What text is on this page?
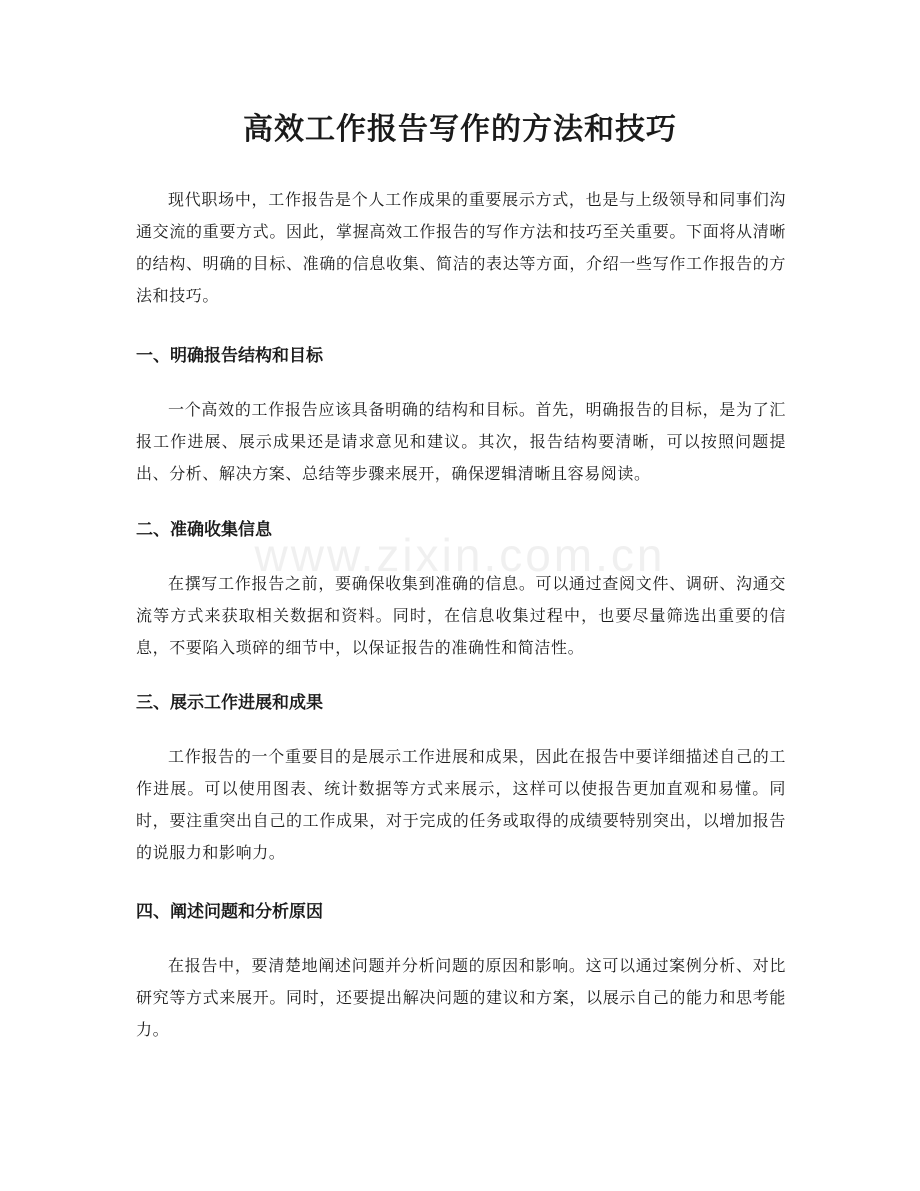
www.zixin.com.cn
高效工作报告写作的方法和技巧

现代职场中，工作报告是个人工作成果的重要展示方式，也是与上级领导和同事们沟通交流的重要方式。因此，掌握高效工作报告的写作方法和技巧至关重要。下面将从清晰的结构、明确的目标、准确的信息收集、简洁的表达等方面，介绍一些写作工作报告的方法和技巧。

一、明确报告结构和目标

一个高效的工作报告应该具备明确的结构和目标。首先，明确报告的目标，是为了汇报工作进展、展示成果还是请求意见和建议。其次，报告结构要清晰，可以按照问题提出、分析、解决方案、总结等步骤来展开，确保逻辑清晰且容易阅读。

二、准确收集信息

在撰写工作报告之前，要确保收集到准确的信息。可以通过查阅文件、调研、沟通交流等方式来获取相关数据和资料。同时，在信息收集过程中，也要尽量筛选出重要的信息，不要陷入琐碎的细节中，以保证报告的准确性和简洁性。

三、展示工作进展和成果

工作报告的一个重要目的是展示工作进展和成果，因此在报告中要详细描述自己的工作进展。可以使用图表、统计数据等方式来展示，这样可以使报告更加直观和易懂。同时，要注重突出自己的工作成果，对于完成的任务或取得的成绩要特别突出，以增加报告的说服力和影响力。

四、阐述问题和分析原因

在报告中，要清楚地阐述问题并分析问题的原因和影响。这可以通过案例分析、对比研究等方式来展开。同时，还要提出解决问题的建议和方案，以展示自己的能力和思考能力。
